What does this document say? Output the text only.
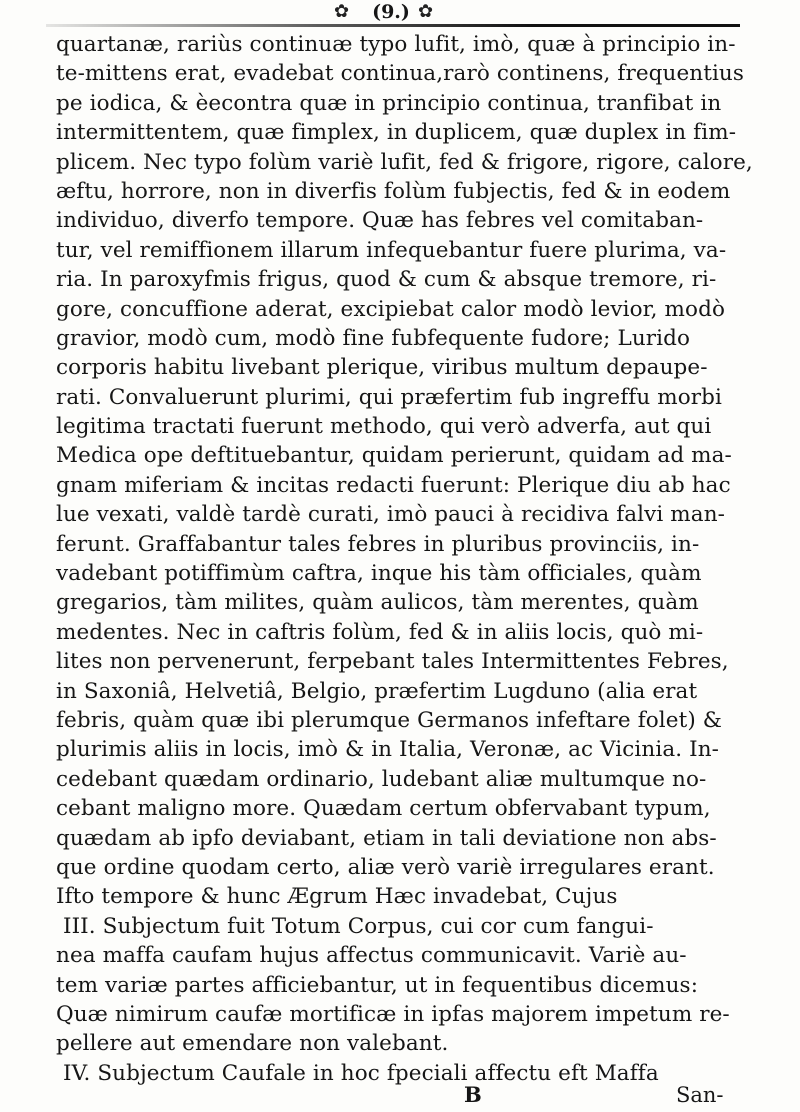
✿ (9.) ✿
quartanæ, rariùs continuæ typo lufit, imò, quæ à principio in-
te-mittens erat, evadebat continua,rarò continens, frequentius
pe iodica, & èecontra quæ in principio continua, tranfibat in
intermittentem, quæ fimplex, in duplicem, quæ duplex in fim-
plicem. Nec typo folùm variè lufit, fed & frigore, rigore, calore,
æftu, horrore, non in diverfis folùm fubjectis, fed & in eodem
individuo, diverfo tempore. Quæ has febres vel comitaban-
tur, vel remiffionem illarum infequebantur fuere plurima, va-
ria. In paroxyfmis frigus, quod & cum & absque tremore, ri-
gore, concuffione aderat, excipiebat calor modò levior, modò
gravior, modò cum, modò fine fubfequente fudore; Lurido
corporis habitu livebant plerique, viribus multum depaupe-
rati. Convaluerunt plurimi, qui præfertim fub ingreffu morbi
legitima tractati fuerunt methodo, qui verò adverfa, aut qui
Medica ope deftituebantur, quidam perierunt, quidam ad ma-
gnam miferiam & incitas redacti fuerunt: Plerique diu ab hac
lue vexati, valdè tardè curati, imò pauci à recidiva falvi man-
ferunt. Graffabantur tales febres in pluribus provinciis, in-
vadebant potiffimùm caftra, inque his tàm officiales, quàm
gregarios, tàm milites, quàm aulicos, tàm merentes, quàm
medentes. Nec in caftris folùm, fed & in aliis locis, quò mi-
lites non pervenerunt, ferpebant tales Intermittentes Febres,
in Saxoniâ, Helvetiâ, Belgio, præfertim Lugduno (alia erat
febris, quàm quæ ibi plerumque Germanos infeftare folet) &
plurimis aliis in locis, imò & in Italia, Veronæ, ac Vicinia. In-
cedebant quædam ordinario, ludebant aliæ multumque no-
cebant maligno more. Quædam certum obfervabant typum,
quædam ab ipfo deviabant, etiam in tali deviatione non abs-
que ordine quodam certo, aliæ verò variè irregulares erant.
Ifto tempore & hunc Ægrum Hæc invadebat, Cujus
III. Subjectum fuit Totum Corpus, cui cor cum fangui-
nea maffa caufam hujus affectus communicavit. Variè au-
tem variæ partes afficiebantur, ut in fequentibus dicemus:
Quæ nimirum caufæ mortificæ in ipfas majorem impetum re-
pellere aut emendare non valebant.
IV. Subjectum Caufale in hoc fpeciali affectu eft Maffa
B	San-
